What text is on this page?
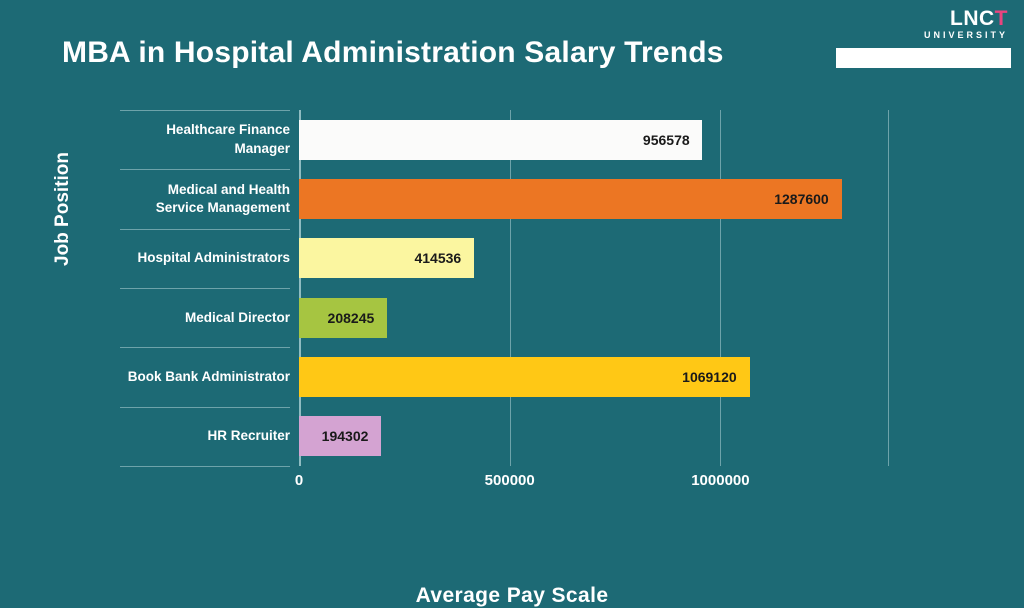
LNCT
UNIVERSITY
MBA in Hospital Administration Salary Trends
Job Position
Healthcare Finance Manager
Medical and Health Service Management
Hospital Administrators
Medical Director
Book Bank Administrator
HR Recruiter
0	500000	1000000
956578
1287600
414536
208245
1069120
194302
Average Pay Scale
